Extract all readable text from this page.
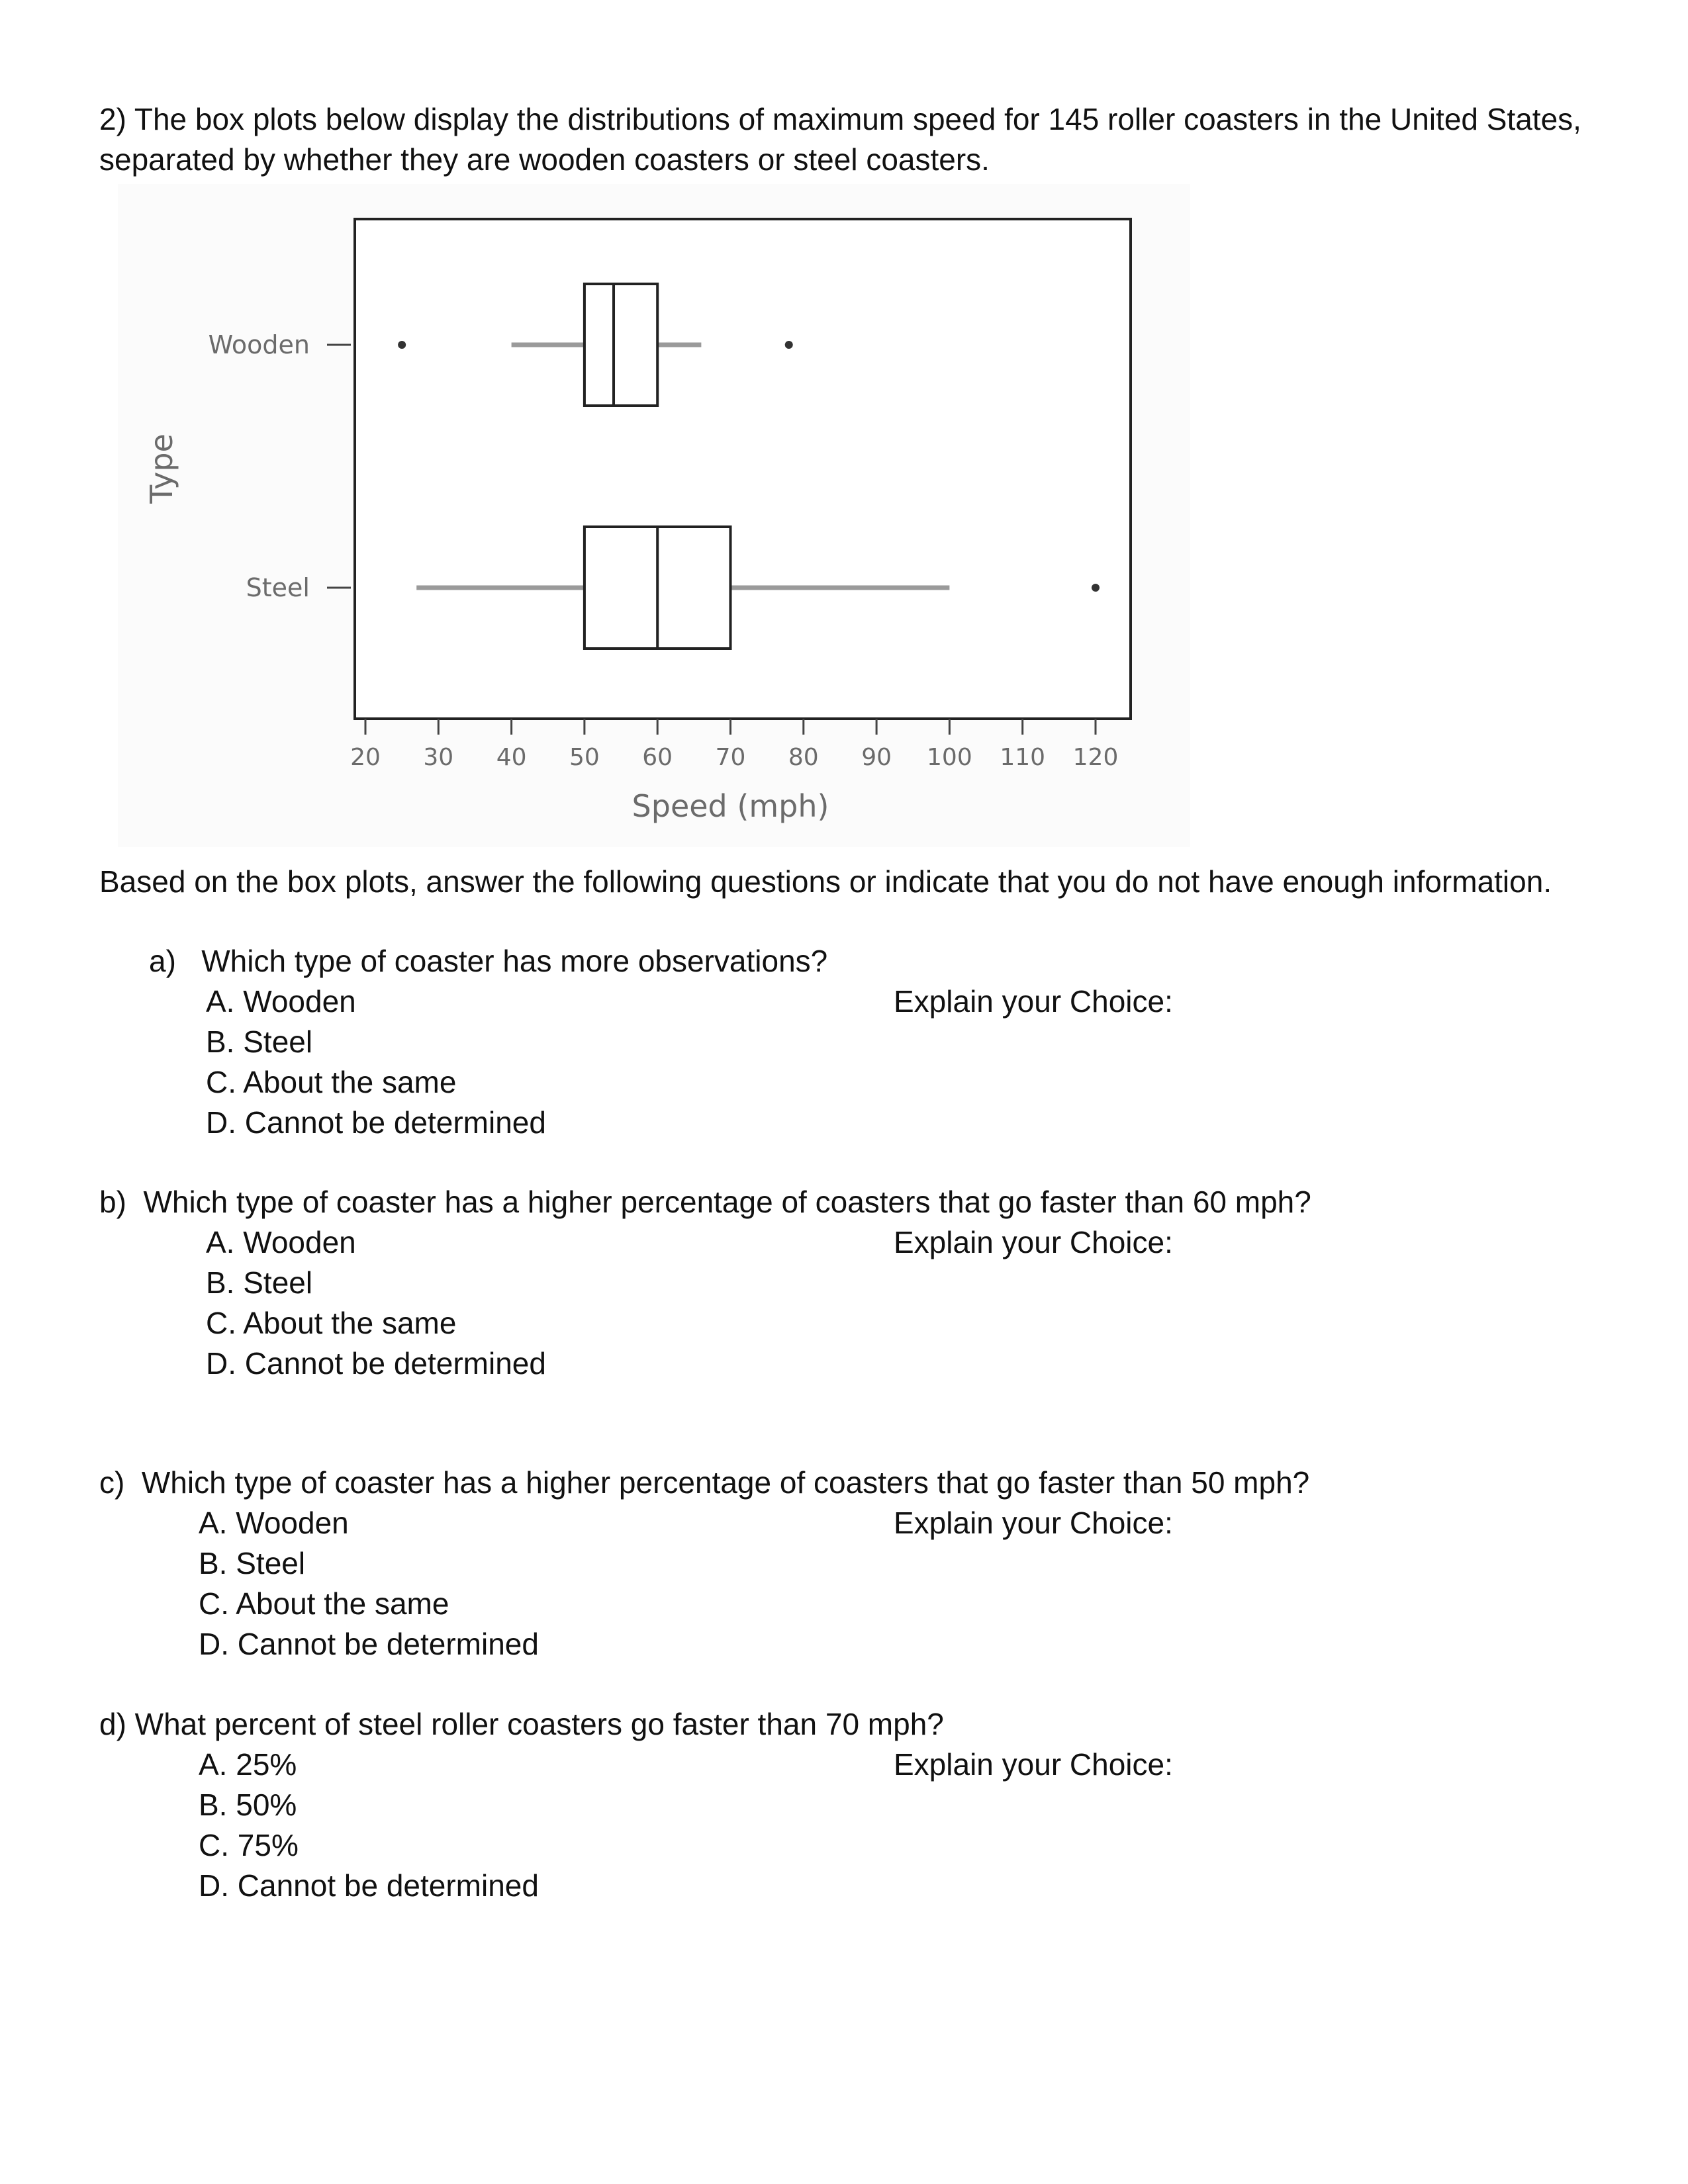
2) The box plots below display the distributions of maximum speed for 145 roller coasters in the United States, separated by whether they are wooden coasters or steel coasters.

20 30 40 50 60 70 80 90 100 110 120
Speed (mph)
Type
Wooden
Steel

Based on the box plots, answer the following questions or indicate that you do not have enough information.

a)   Which type of coaster has more observations?
A. Wooden
B. Steel
C. About the same
D. Cannot be determined
Explain your Choice:
b)  Which type of coaster has a higher percentage of coasters that go faster than 60 mph?
A. Wooden
B. Steel
C. About the same
D. Cannot be determined
Explain your Choice:
c)  Which type of coaster has a higher percentage of coasters that go faster than 50 mph?
A. Wooden
B. Steel
C. About the same
D. Cannot be determined
Explain your Choice:
d) What percent of steel roller coasters go faster than 70 mph?
A. 25%
B. 50%
C. 75%
D. Cannot be determined
Explain your Choice:
